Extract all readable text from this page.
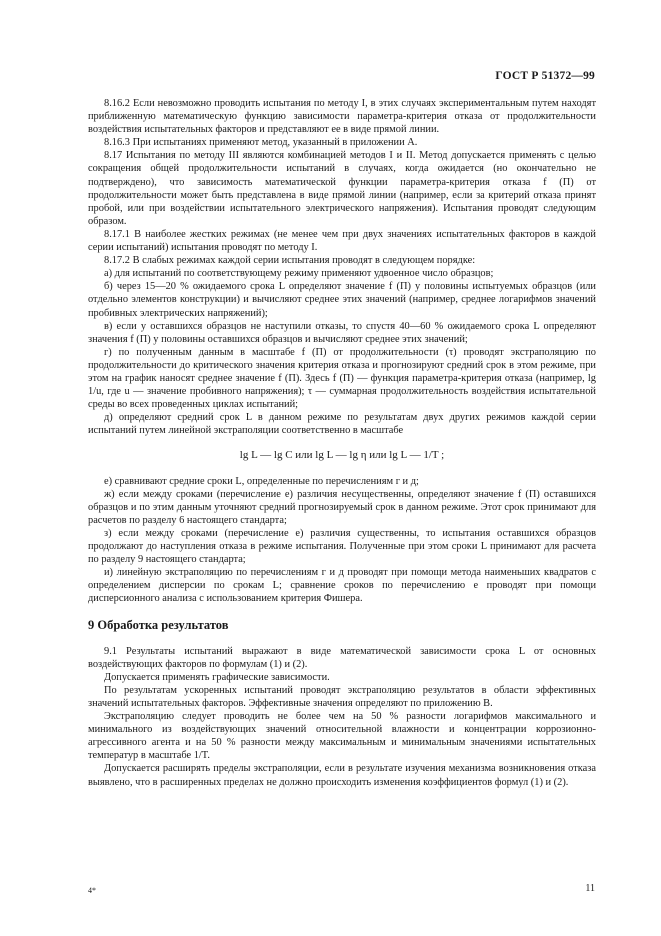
ГОСТ Р 51372—99

8.16.2 Если невозможно проводить испытания по методу I, в этих случаях экспериментальным путем находят приближенную математическую функцию зависимости параметра-критерия отказа от продолжительности воздействия испытательных факторов и представляют ее в виде прямой линии.

8.16.3 При испытаниях применяют метод, указанный в приложении А.

8.17 Испытания по методу III являются комбинацией методов I и II. Метод допускается применять с целью сокращения общей продолжительности испытаний в случаях, когда ожидается (но окончательно не подтверждено), что зависимость математической функции параметра-критерия отказа f (П) от продолжительности может быть представлена в виде прямой линии (например, если за критерий отказа принят пробой, или при воздействии испытательного электрического напряжения). Испытания проводят следующим образом.

8.17.1 В наиболее жестких режимах (не менее чем при двух значениях испытательных факторов в каждой серии испытаний) испытания проводят по методу I.

8.17.2 В слабых режимах каждой серии испытания проводят в следующем порядке:

а) для испытаний по соответствующему режиму применяют удвоенное число образцов;

б) через 15—20 % ожидаемого срока L определяют значение f (П) у половины испытуемых образцов (или отдельно элементов конструкции) и вычисляют среднее этих значений (например, среднее логарифмов значений пробивных электрических напряжений);

в) если у оставшихся образцов не наступили отказы, то спустя 40—60 % ожидаемого срока L определяют значения f (П) у половины оставшихся образцов и вычисляют среднее этих значений;

г) по полученным данным в масштабе f (П) от продолжительности (τ) проводят экстраполяцию по продолжительности до критического значения критерия отказа и прогнозируют средний срок в этом режиме, при этом на график наносят среднее значение f (П). Здесь f (П) — функция параметра-критерия отказа (например, lg 1/u, где u — значение пробивного напряжения); τ — суммарная продолжительность воздействия испытательной среды во всех проведенных циклах испытаний;

д) определяют средний срок L в данном режиме по результатам двух других режимов каждой серии испытаний путем линейной экстраполяции соответственно в масштабе

lg L — lg C или lg L — lg η или lg L — 1/T ;

е) сравнивают средние сроки L, определенные по перечислениям г и д;

ж) если между сроками (перечисление е) различия несущественны, определяют значение f (П) оставшихся образцов и по этим данным уточняют средний прогнозируемый срок в данном режиме. Этот срок принимают для расчетов по разделу 6 настоящего стандарта;

з) если между сроками (перечисление е) различия существенны, то испытания оставшихся образцов продолжают до наступления отказа в режиме испытания. Полученные при этом сроки L принимают для расчета по разделу 9 настоящего стандарта;

и) линейную экстраполяцию по перечислениям г и д проводят при помощи метода наименьших квадратов с определением дисперсии по срокам L; сравнение сроков по перечислению е проводят при помощи дисперсионного анализа с использованием критерия Фишера.

9 Обработка результатов

9.1 Результаты испытаний выражают в виде математической зависимости срока L от основных воздействующих факторов по формулам (1) и (2).

Допускается применять графические зависимости.

По результатам ускоренных испытаний проводят экстраполяцию результатов в области эффективных значений испытательных факторов. Эффективные значения определяют по приложению В.

Экстраполяцию следует проводить не более чем на 50 % разности логарифмов максимального и минимального из воздействующих значений относительной влажности и концентрации коррозионно-агрессивного агента и на 50 % разности между максимальным и минимальным значениями испытательных температур в масштабе 1/T.

Допускается расширять пределы экстраполяции, если в результате изучения механизма возникновения отказа выявлено, что в расширенных пределах не должно происходить изменения коэффициентов формул (1) и (2).

4*	11
